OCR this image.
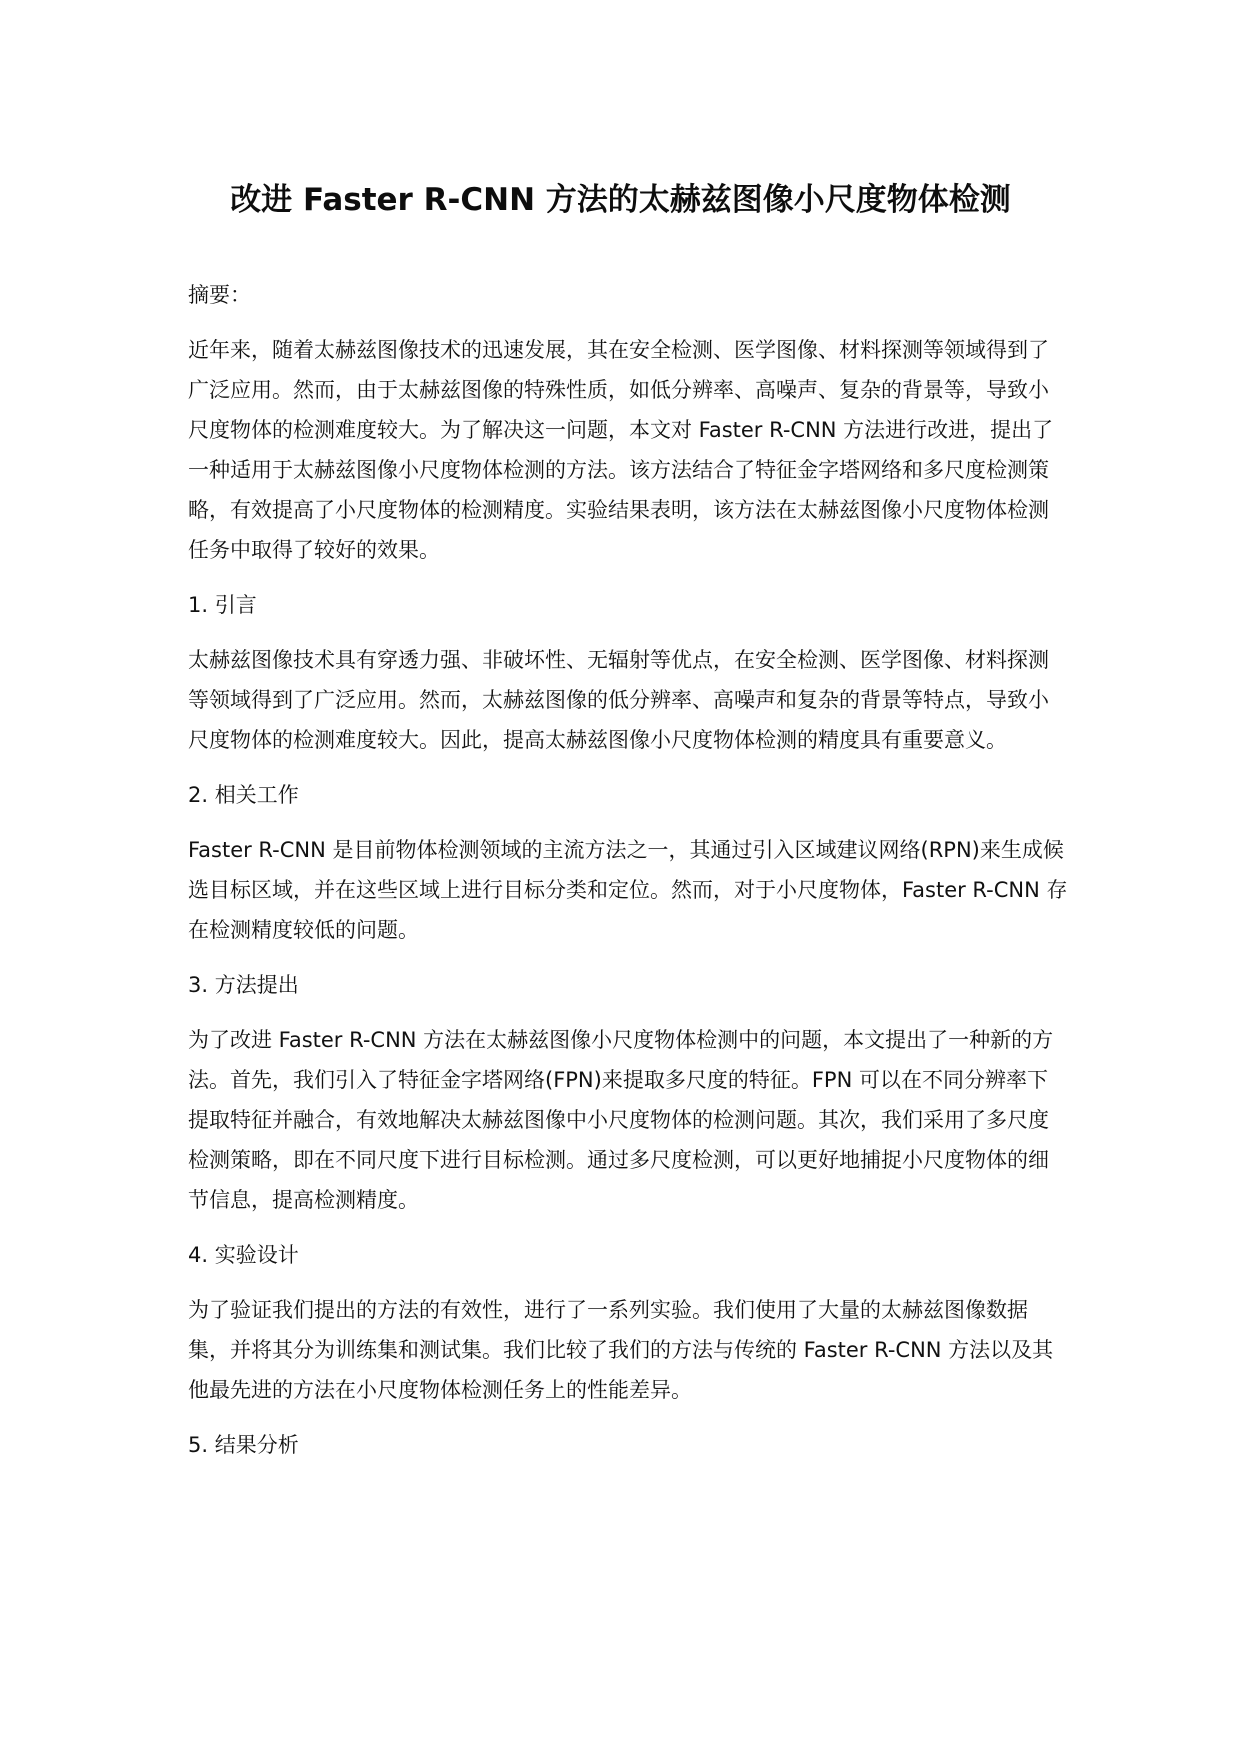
改进 Faster R-CNN 方法的太赫兹图像小尺度物体检测

摘要：

近年来，随着太赫兹图像技术的迅速发展，其在安全检测、医学图像、材料探测等领域得到了广泛应用。然而，由于太赫兹图像的特殊性质，如低分辨率、高噪声、复杂的背景等，导致小尺度物体的检测难度较大。为了解决这一问题，本文对 Faster R-CNN 方法进行改进，提出了一种适用于太赫兹图像小尺度物体检测的方法。该方法结合了特征金字塔网络和多尺度检测策略，有效提高了小尺度物体的检测精度。实验结果表明，该方法在太赫兹图像小尺度物体检测任务中取得了较好的效果。

1. 引言

太赫兹图像技术具有穿透力强、非破坏性、无辐射等优点，在安全检测、医学图像、材料探测等领域得到了广泛应用。然而，太赫兹图像的低分辨率、高噪声和复杂的背景等特点，导致小尺度物体的检测难度较大。因此，提高太赫兹图像小尺度物体检测的精度具有重要意义。

2. 相关工作

Faster R-CNN 是目前物体检测领域的主流方法之一，其通过引入区域建议网络(RPN)来生成候选目标区域，并在这些区域上进行目标分类和定位。然而，对于小尺度物体，Faster R-CNN 存在检测精度较低的问题。

3. 方法提出

为了改进 Faster R-CNN 方法在太赫兹图像小尺度物体检测中的问题，本文提出了一种新的方法。首先，我们引入了特征金字塔网络(FPN)来提取多尺度的特征。FPN 可以在不同分辨率下提取特征并融合，有效地解决太赫兹图像中小尺度物体的检测问题。其次，我们采用了多尺度检测策略，即在不同尺度下进行目标检测。通过多尺度检测，可以更好地捕捉小尺度物体的细节信息，提高检测精度。

4. 实验设计

为了验证我们提出的方法的有效性，进行了一系列实验。我们使用了大量的太赫兹图像数据集，并将其分为训练集和测试集。我们比较了我们的方法与传统的 Faster R-CNN 方法以及其他最先进的方法在小尺度物体检测任务上的性能差异。

5. 结果分析
